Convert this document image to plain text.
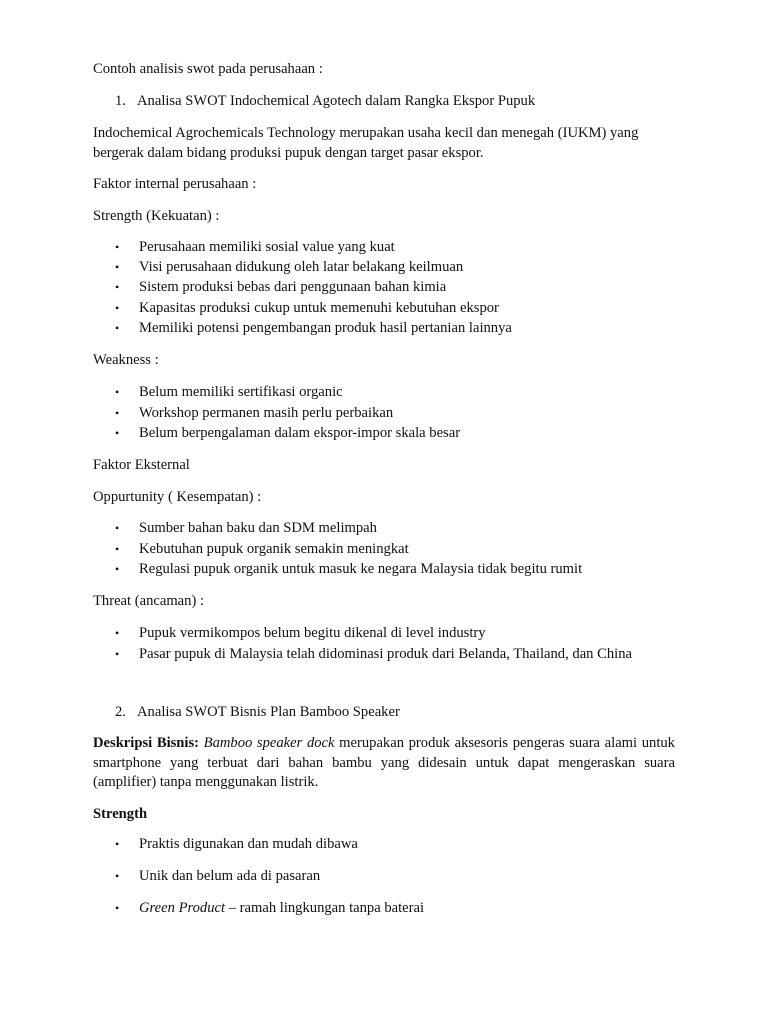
Contoh analisis swot pada perusahaan :
1. Analisa SWOT Indochemical Agotech dalam Rangka Ekspor Pupuk
Indochemical Agrochemicals Technology merupakan usaha kecil dan menegah (IUKM) yang bergerak dalam bidang produksi pupuk dengan target pasar ekspor.
Faktor internal perusahaan :
Strength (Kekuatan) :
• Perusahaan memiliki sosial value yang kuat
• Visi perusahaan didukung oleh latar belakang keilmuan
• Sistem produksi bebas dari penggunaan bahan kimia
• Kapasitas produksi cukup untuk memenuhi kebutuhan ekspor
• Memiliki potensi pengembangan produk hasil pertanian lainnya
Weakness :
• Belum memiliki sertifikasi organic
• Workshop permanen masih perlu perbaikan
• Belum berpengalaman dalam ekspor-impor skala besar
Faktor Eksternal
Oppurtunity ( Kesempatan) :
• Sumber bahan baku dan SDM melimpah
• Kebutuhan pupuk organik semakin meningkat
• Regulasi pupuk organik untuk masuk ke negara Malaysia tidak begitu rumit
Threat (ancaman) :
• Pupuk vermikompos belum begitu dikenal di level industry
• Pasar pupuk di Malaysia telah didominasi produk dari Belanda, Thailand, dan China
2. Analisa SWOT Bisnis Plan Bamboo Speaker
Deskripsi Bisnis: Bamboo speaker dock merupakan produk aksesoris pengeras suara alami untuk smartphone yang terbuat dari bahan bambu yang didesain untuk dapat mengeraskan suara (amplifier) tanpa menggunakan listrik.
Strength
• Praktis digunakan dan mudah dibawa
• Unik dan belum ada di pasaran
• Green Product – ramah lingkungan tanpa baterai
